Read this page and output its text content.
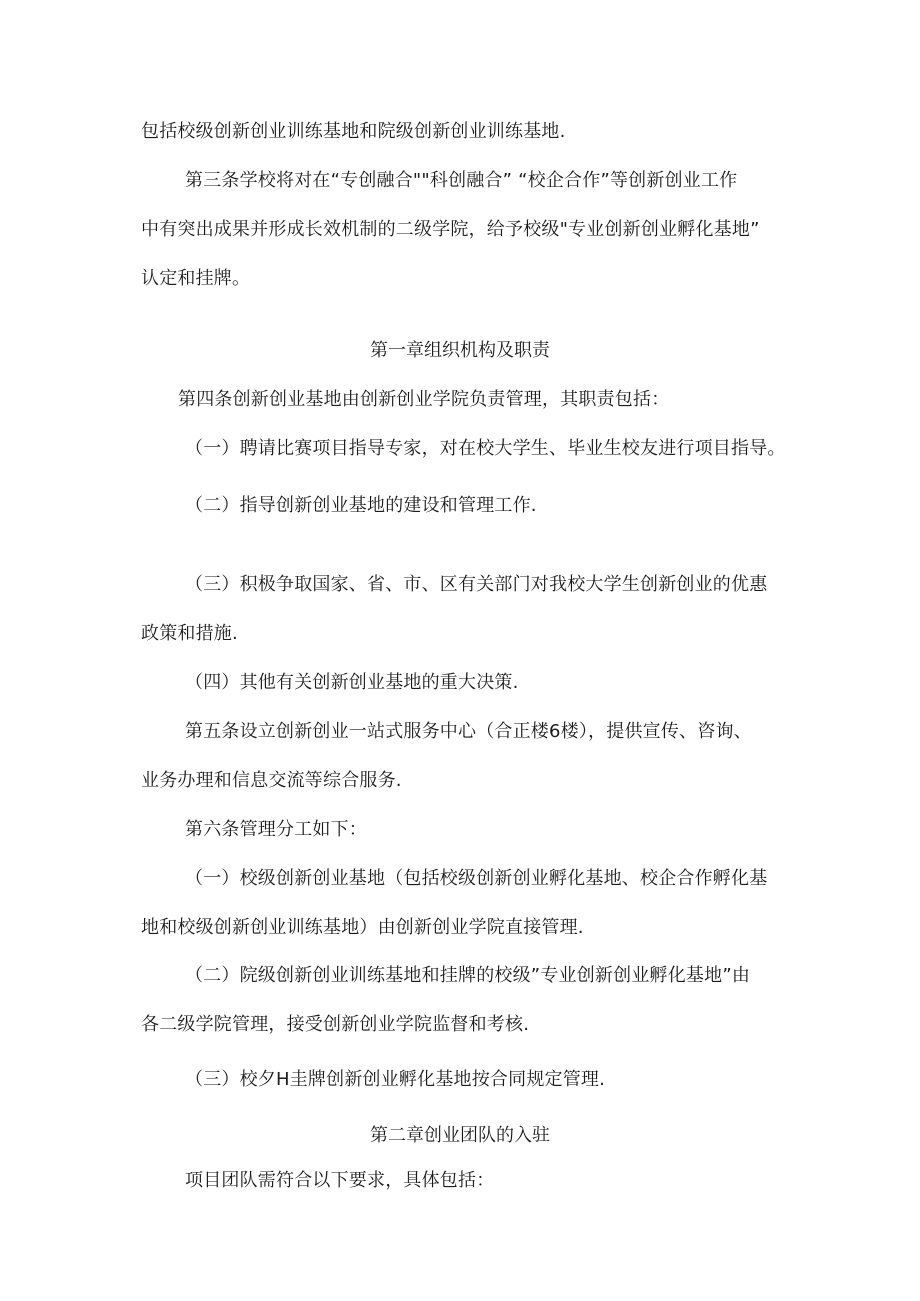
包括校级创新创业训练基地和院级创新创业训练基地.
第三条学校将对在“专创融合""科创融合” “校企合作”等创新创业工作
中有突出成果并形成长效机制的二级学院，给予校级"专业创新创业孵化基地”
认定和挂牌。
第一章组织机构及职责
第四条创新创业基地由创新创业学院负责管理，其职责包括：
（一）聘请比赛项目指导专家，对在校大学生、毕业生校友进行项目指导。
（二）指导创新创业基地的建设和管理工作.
（三）积极争取国家、省、市、区有关部门对我校大学生创新创业的优惠
政策和措施.
（四）其他有关创新创业基地的重大决策.
第五条设立创新创业一站式服务中心（合正楼6楼），提供宣传、咨询、
业务办理和信息交流等综合服务.
第六条管理分工如下：
（一）校级创新创业基地（包括校级创新创业孵化基地、校企合作孵化基
地和校级创新创业训练基地）由创新创业学院直接管理.
（二）院级创新创业训练基地和挂牌的校级”专业创新创业孵化基地”由
各二级学院管理，接受创新创业学院监督和考核.
（三）校夕H圭牌创新创业孵化基地按合同规定管理.
第二章创业团队的入驻
项目团队需符合以下要求，具体包括：
